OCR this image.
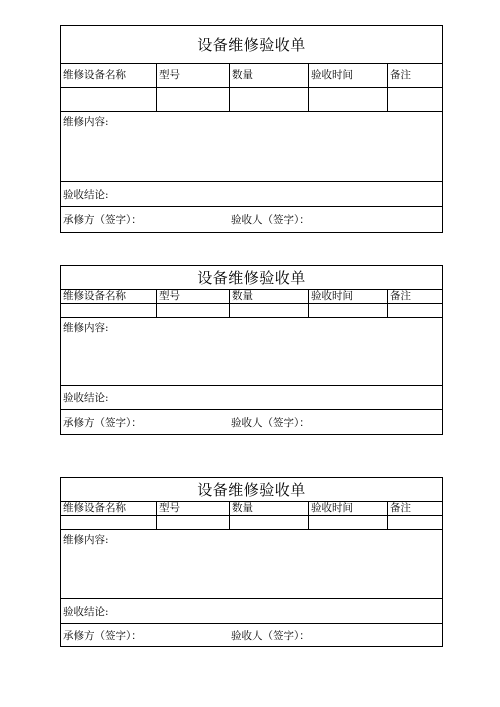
设备维修验收单
维修设备名称	型号	数量	验收时间	备注
维修内容:
验收结论:
承修方（签字）：	验收人（签字）：
设备维修验收单
维修设备名称	型号	数量	验收时间	备注
维修内容:
验收结论:
承修方（签字）：	验收人（签字）：
设备维修验收单
维修设备名称	型号	数量	验收时间	备注
维修内容:
验收结论:
承修方（签字）：	验收人（签字）：
